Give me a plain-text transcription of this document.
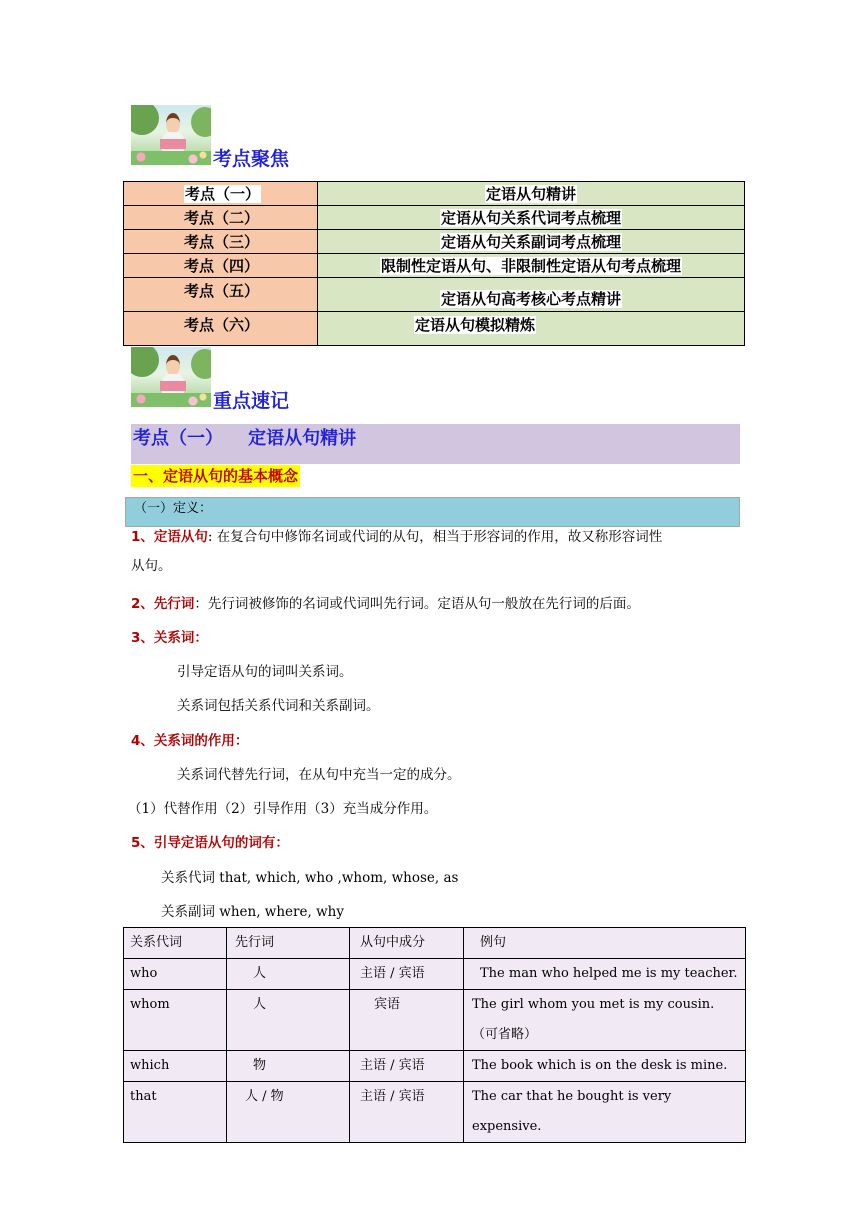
考点聚焦
考点（一）	定语从句精讲
考点（二）	定语从句关系代词考点梳理
考点（三）	定语从句关系副词考点梳理
考点（四）	限制性定语从句、非限制性定语从句考点梳理
考点（五）	定语从句高考核心考点精讲
考点（六）	定语从句模拟精炼
重点速记
考点（一）    定语从句精讲
一、定语从句的基本概念
（一）定义：
1、定语从句: 在复合句中修饰名词或代词的从句，相当于形容词的作用，故又称形容词性
从句。
2、先行词：先行词被修饰的名词或代词叫先行词。定语从句一般放在先行词的后面。
3、关系词：
引导定语从句的词叫关系词。
关系词包括关系代词和关系副词。
4、关系词的作用：
关系词代替先行词，在从句中充当一定的成分。
（1）代替作用（2）引导作用（3）充当成分作用。
5、引导定语从句的词有：
关系代词 that, which, who ,whom, whose, as
关系副词 when, where, why
关系代词	先行词	从句中成分	例句
who	人	主语 / 宾语	The man who helped me is my teacher.
whom	人	宾语	The girl whom you met is my cousin. （可省略）
which	物	主语 / 宾语	The book which is on the desk is mine.
that	人 / 物	主语 / 宾语	The car that he bought is very expensive.
